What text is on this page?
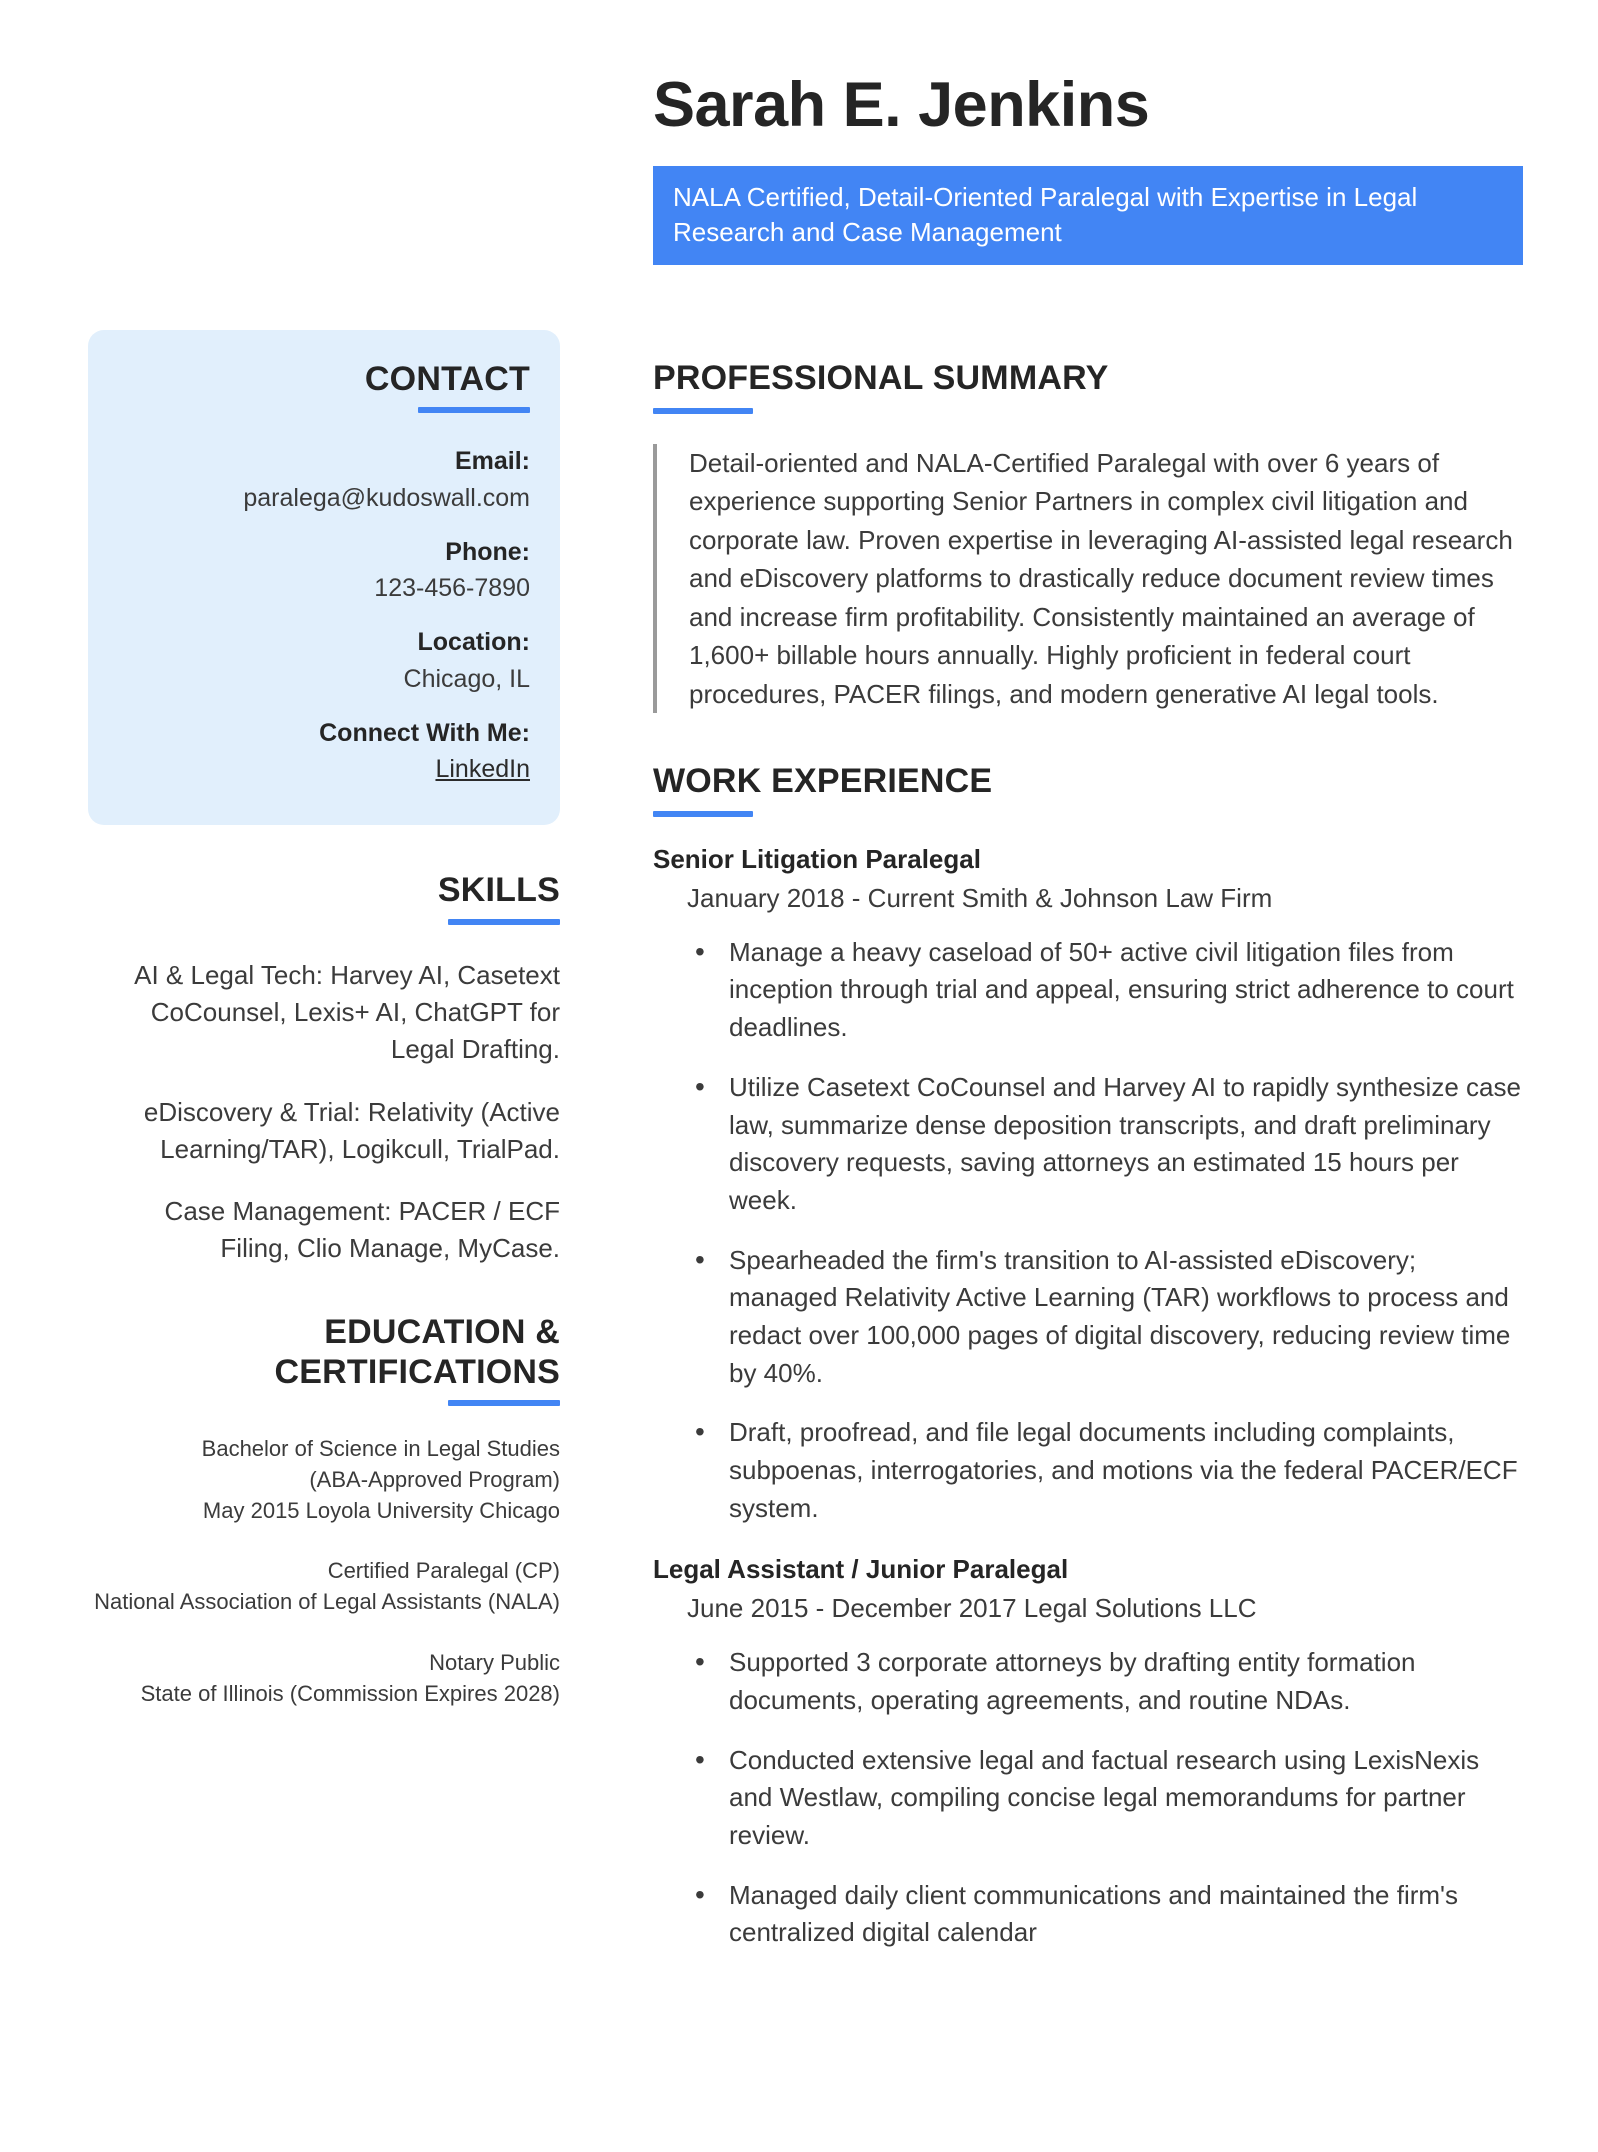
Sarah E. Jenkins
NALA Certified, Detail-Oriented Paralegal with Expertise in Legal Research and Case Management
CONTACT

Email:

paralega@kudoswall.com

Phone:

123-456-7890

Location:

Chicago, IL

Connect With Me:

LinkedIn
SKILLS

AI & Legal Tech: Harvey AI, Casetext CoCounsel, Lexis+ AI, ChatGPT for Legal Drafting.

eDiscovery & Trial: Relativity (Active Learning/TAR), Logikcull, TrialPad.

Case Management: PACER / ECF Filing, Clio Manage, MyCase.

EDUCATION &
CERTIFICATIONS

Bachelor of Science in Legal Studies
(ABA-Approved Program)
May 2015 Loyola University Chicago

Certified Paralegal (CP)
National Association of Legal Assistants (NALA)

Notary Public
State of Illinois (Commission Expires 2028)

PROFESSIONAL SUMMARY
Detail-oriented and NALA-Certified Paralegal with over 6 years of experience supporting Senior Partners in complex civil litigation and corporate law. Proven expertise in leveraging AI-assisted legal research and eDiscovery platforms to drastically reduce document review times and increase firm profitability. Consistently maintained an average of 1,600+ billable hours annually. Highly proficient in federal court procedures, PACER filings, and modern generative AI legal tools.
WORK EXPERIENCE

Senior Litigation Paralegal

January 2018 - Current Smith & Johnson Law Firm

• Manage a heavy caseload of 50+ active civil litigation files from inception through trial and appeal, ensuring strict adherence to court deadlines.
• Utilize Casetext CoCounsel and Harvey AI to rapidly synthesize case law, summarize dense deposition transcripts, and draft preliminary discovery requests, saving attorneys an estimated 15 hours per week.
• Spearheaded the firm's transition to AI-assisted eDiscovery; managed Relativity Active Learning (TAR) workflows to process and redact over 100,000 pages of digital discovery, reducing review time by 40%.
• Draft, proofread, and file legal documents including complaints, subpoenas, interrogatories, and motions via the federal PACER/ECF system.

Legal Assistant / Junior Paralegal

June 2015 - December 2017 Legal Solutions LLC

• Supported 3 corporate attorneys by drafting entity formation documents, operating agreements, and routine NDAs.
• Conducted extensive legal and factual research using LexisNexis and Westlaw, compiling concise legal memorandums for partner review.
• Managed daily client communications and maintained the firm's centralized digital calendar
